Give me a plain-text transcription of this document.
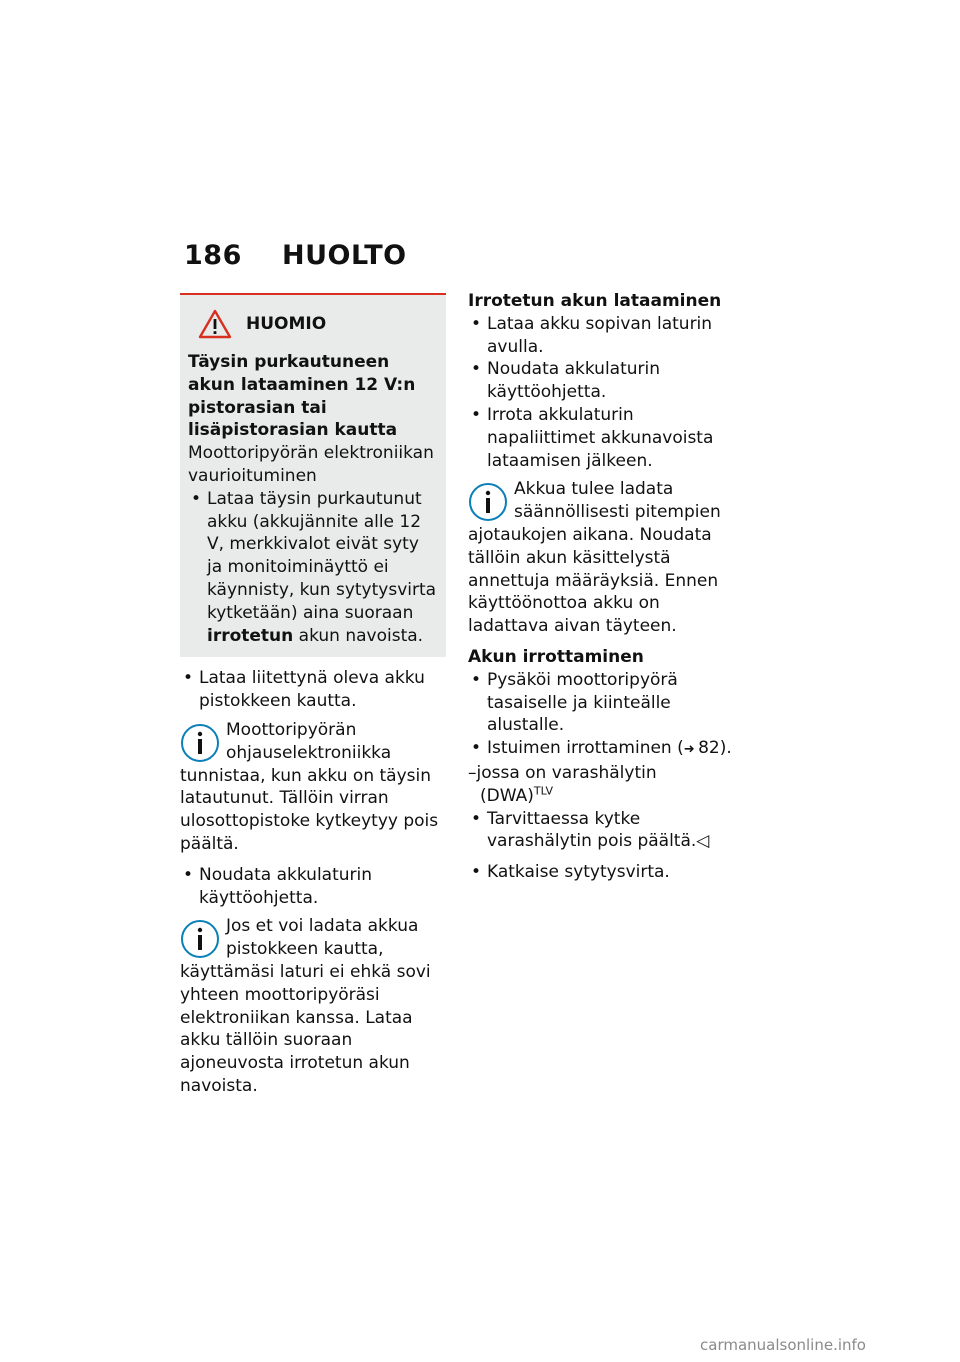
186 HUOLTO
HUOMIO
Täysin purkautuneen akun lataaminen 12 V:n pistorasian tai lisäpistorasian kautta
Moottoripyörän elektroniikan vaurioituminen
• Lataa täysin purkautunut akku (akkujännite alle 12 V, merkkivalot eivät syty ja monitoiminäyttö ei käynnisty, kun sytytysvirta kytketään) aina suoraan irrotetun akun navoista.
• Lataa liitettynä oleva akku pistokkeen kautta.
Moottoripyörän ohjauselektroniikka tunnistaa, kun akku on täysin latautunut. Tällöin virran ulosottopistoke kytkeytyy pois päältä.
• Noudata akkulaturin käyttöohjetta.
Jos et voi ladata akkua pistokkeen kautta, käyttämäsi laturi ei ehkä sovi yhteen moottoripyöräsi elektroniikan kanssa. Lataa akku tällöin suoraan ajoneuvosta irrotetun akun navoista.
Irrotetun akun lataaminen
• Lataa akku sopivan laturin avulla.
• Noudata akkulaturin käyttöohjetta.
• Irrota akkulaturin napaliittimet akkunavoista lataamisen jälkeen.
Akkua tulee ladata säännöllisesti pitempien ajotaukojen aikana. Noudata tällöin akun käsittelystä annettuja määräyksiä. Ennen käyttöönottoa akku on ladattava aivan täyteen.
Akun irrottaminen
• Pysäköi moottoripyörä tasaiselle ja kiinteälle alustalle.
• Istuimen irrottaminen (➜  82).
–jossa on varashälytin (DWA)$^{TLV}$
• Tarvittaessa kytke varashälytin pois päältä.◁
• Katkaise sytytysvirta.
carmanualsonline.info
